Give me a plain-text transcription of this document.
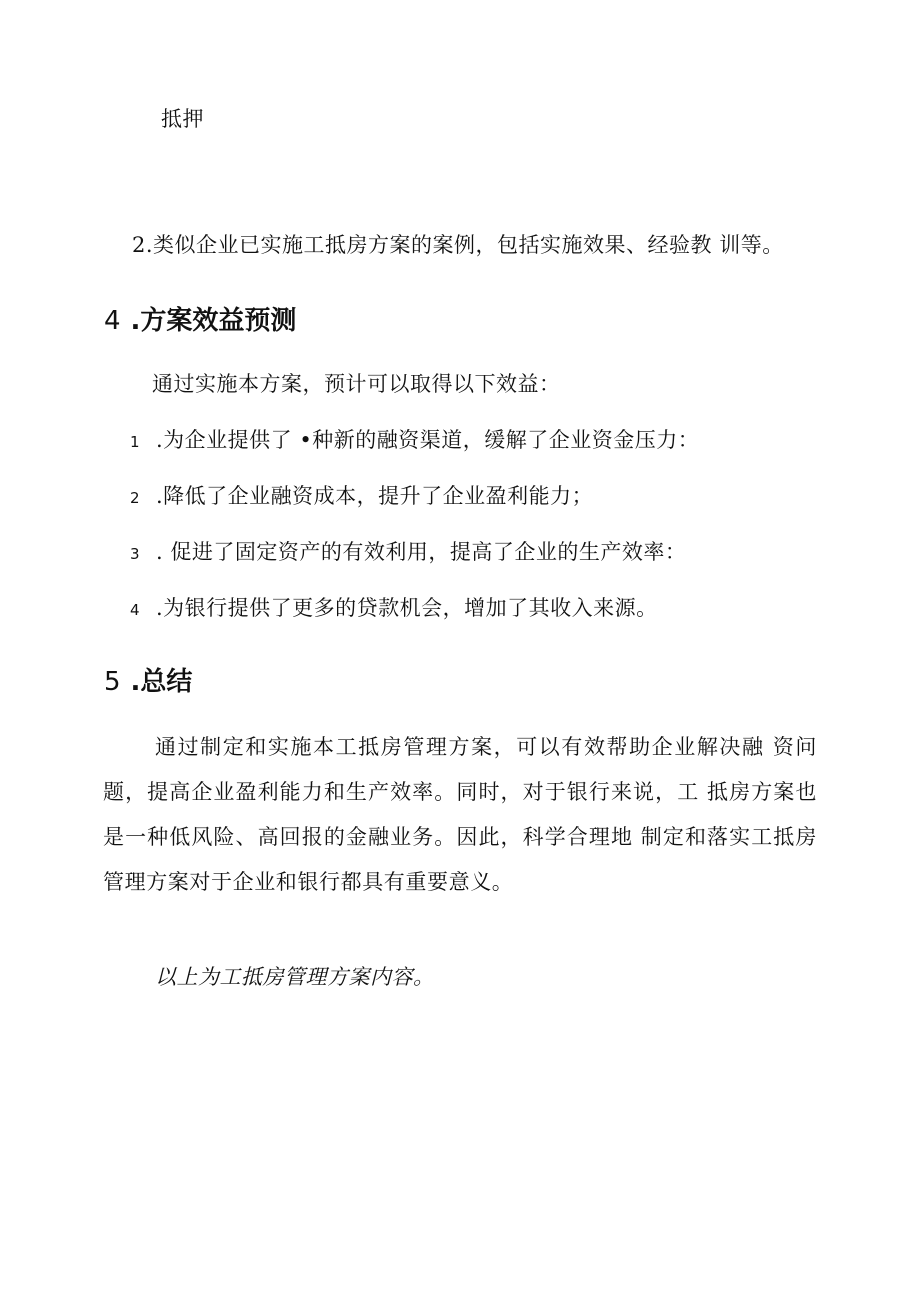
抵押
2.类似企业已实施工抵房方案的案例，包括实施效果、经验教 训等。
4 .方案效益预测
通过实施本方案，预计可以取得以下效益：
1 .为企业提供了 •种新的融资渠道，缓解了企业资金压力：
2 .降低了企业融资成本，提升了企业盈利能力；
3 . 促进了固定资产的有效利用，提高了企业的生产效率：
4 .为银行提供了更多的贷款机会，增加了其收入来源。
5 .总结
通过制定和实施本工抵房管理方案，可以有效帮助企业解决融 资问题，提高企业盈利能力和生产效率。同时，对于银行来说，工 抵房方案也是一种低风险、高回报的金融业务。因此，科学合理地 制定和落实工抵房管理方案对于企业和银行都具有重要意义。
以上为工抵房管理方案内容。
